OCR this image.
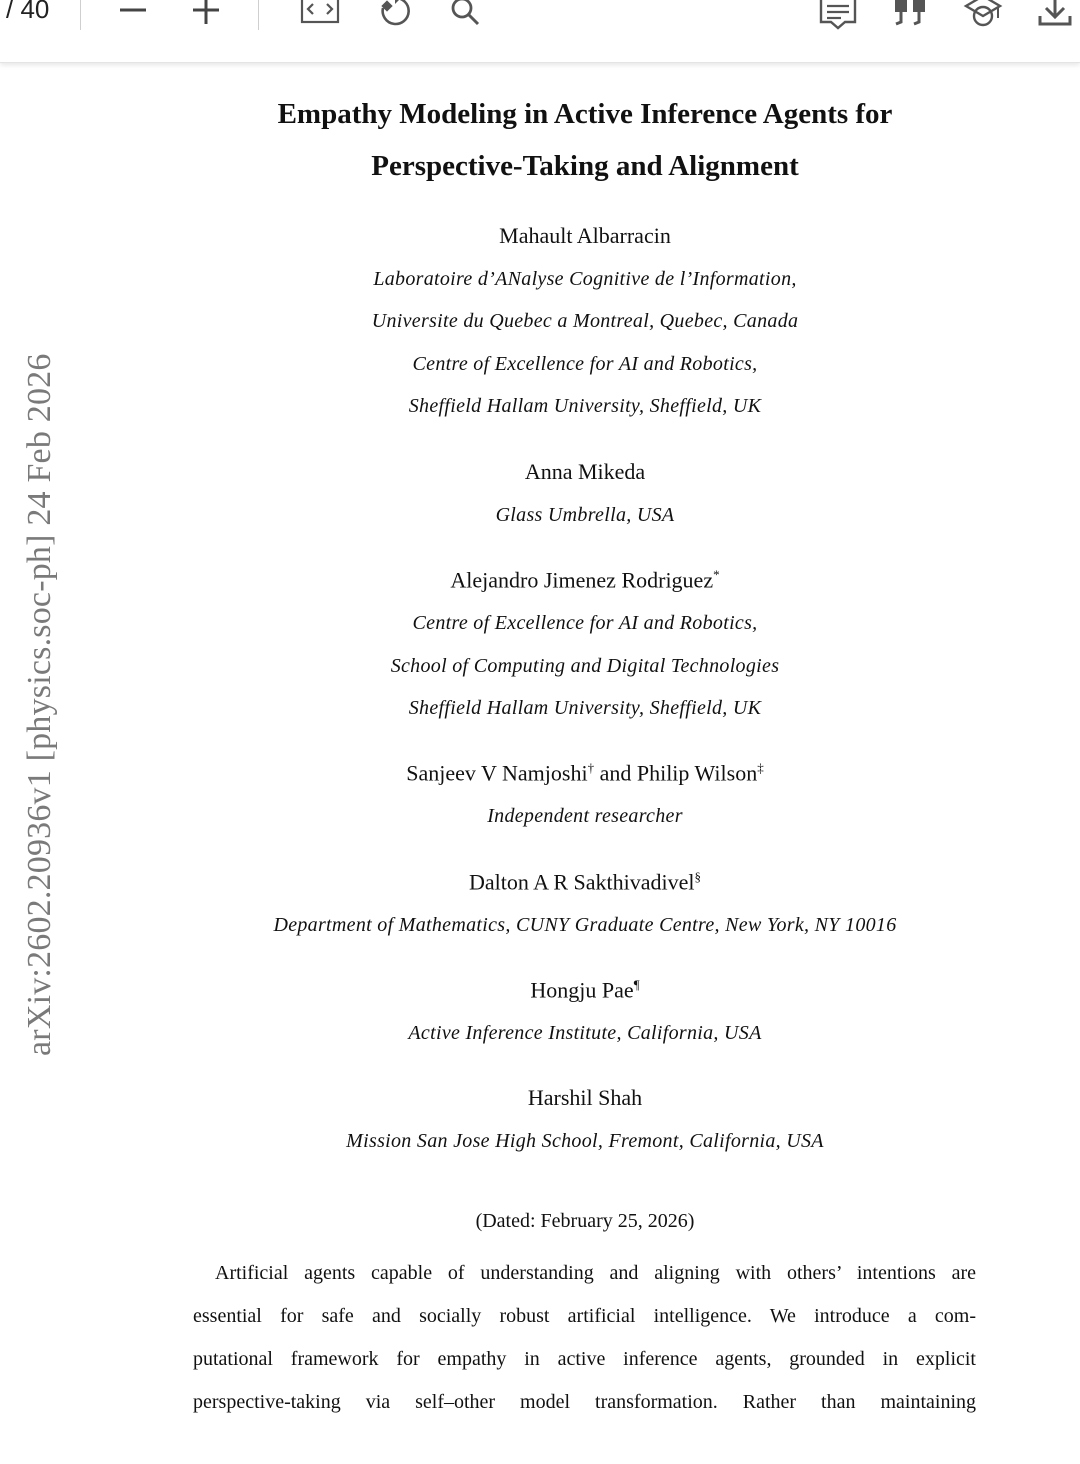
/ 40
arXiv:2602.20936v1 [physics.soc-ph] 24 Feb 2026
Empathy Modeling in Active Inference Agents for
Perspective-Taking and Alignment
Mahault Albarracin
Laboratoire d’ANalyse Cognitive de l’Information,
Universite du Quebec a Montreal, Quebec, Canada
Centre of Excellence for AI and Robotics,
Sheffield Hallam University, Sheffield, UK
Anna Mikeda
Glass Umbrella, USA
Alejandro Jimenez Rodriguez*
Centre of Excellence for AI and Robotics,
School of Computing and Digital Technologies
Sheffield Hallam University, Sheffield, UK
Sanjeev V Namjoshi† and Philip Wilson‡
Independent researcher
Dalton A R Sakthivadivel§
Department of Mathematics, CUNY Graduate Centre, New York, NY 10016
Hongju Pae¶
Active Inference Institute, California, USA
Harshil Shah
Mission San Jose High School, Fremont, California, USA
(Dated: February 25, 2026)

Artificial agents capable of understanding and aligning with others’ intentions are

essential for safe and socially robust artificial intelligence. We introduce a com-

putational framework for empathy in active inference agents, grounded in explicit

perspective-taking via self–other model transformation. Rather than maintaining
